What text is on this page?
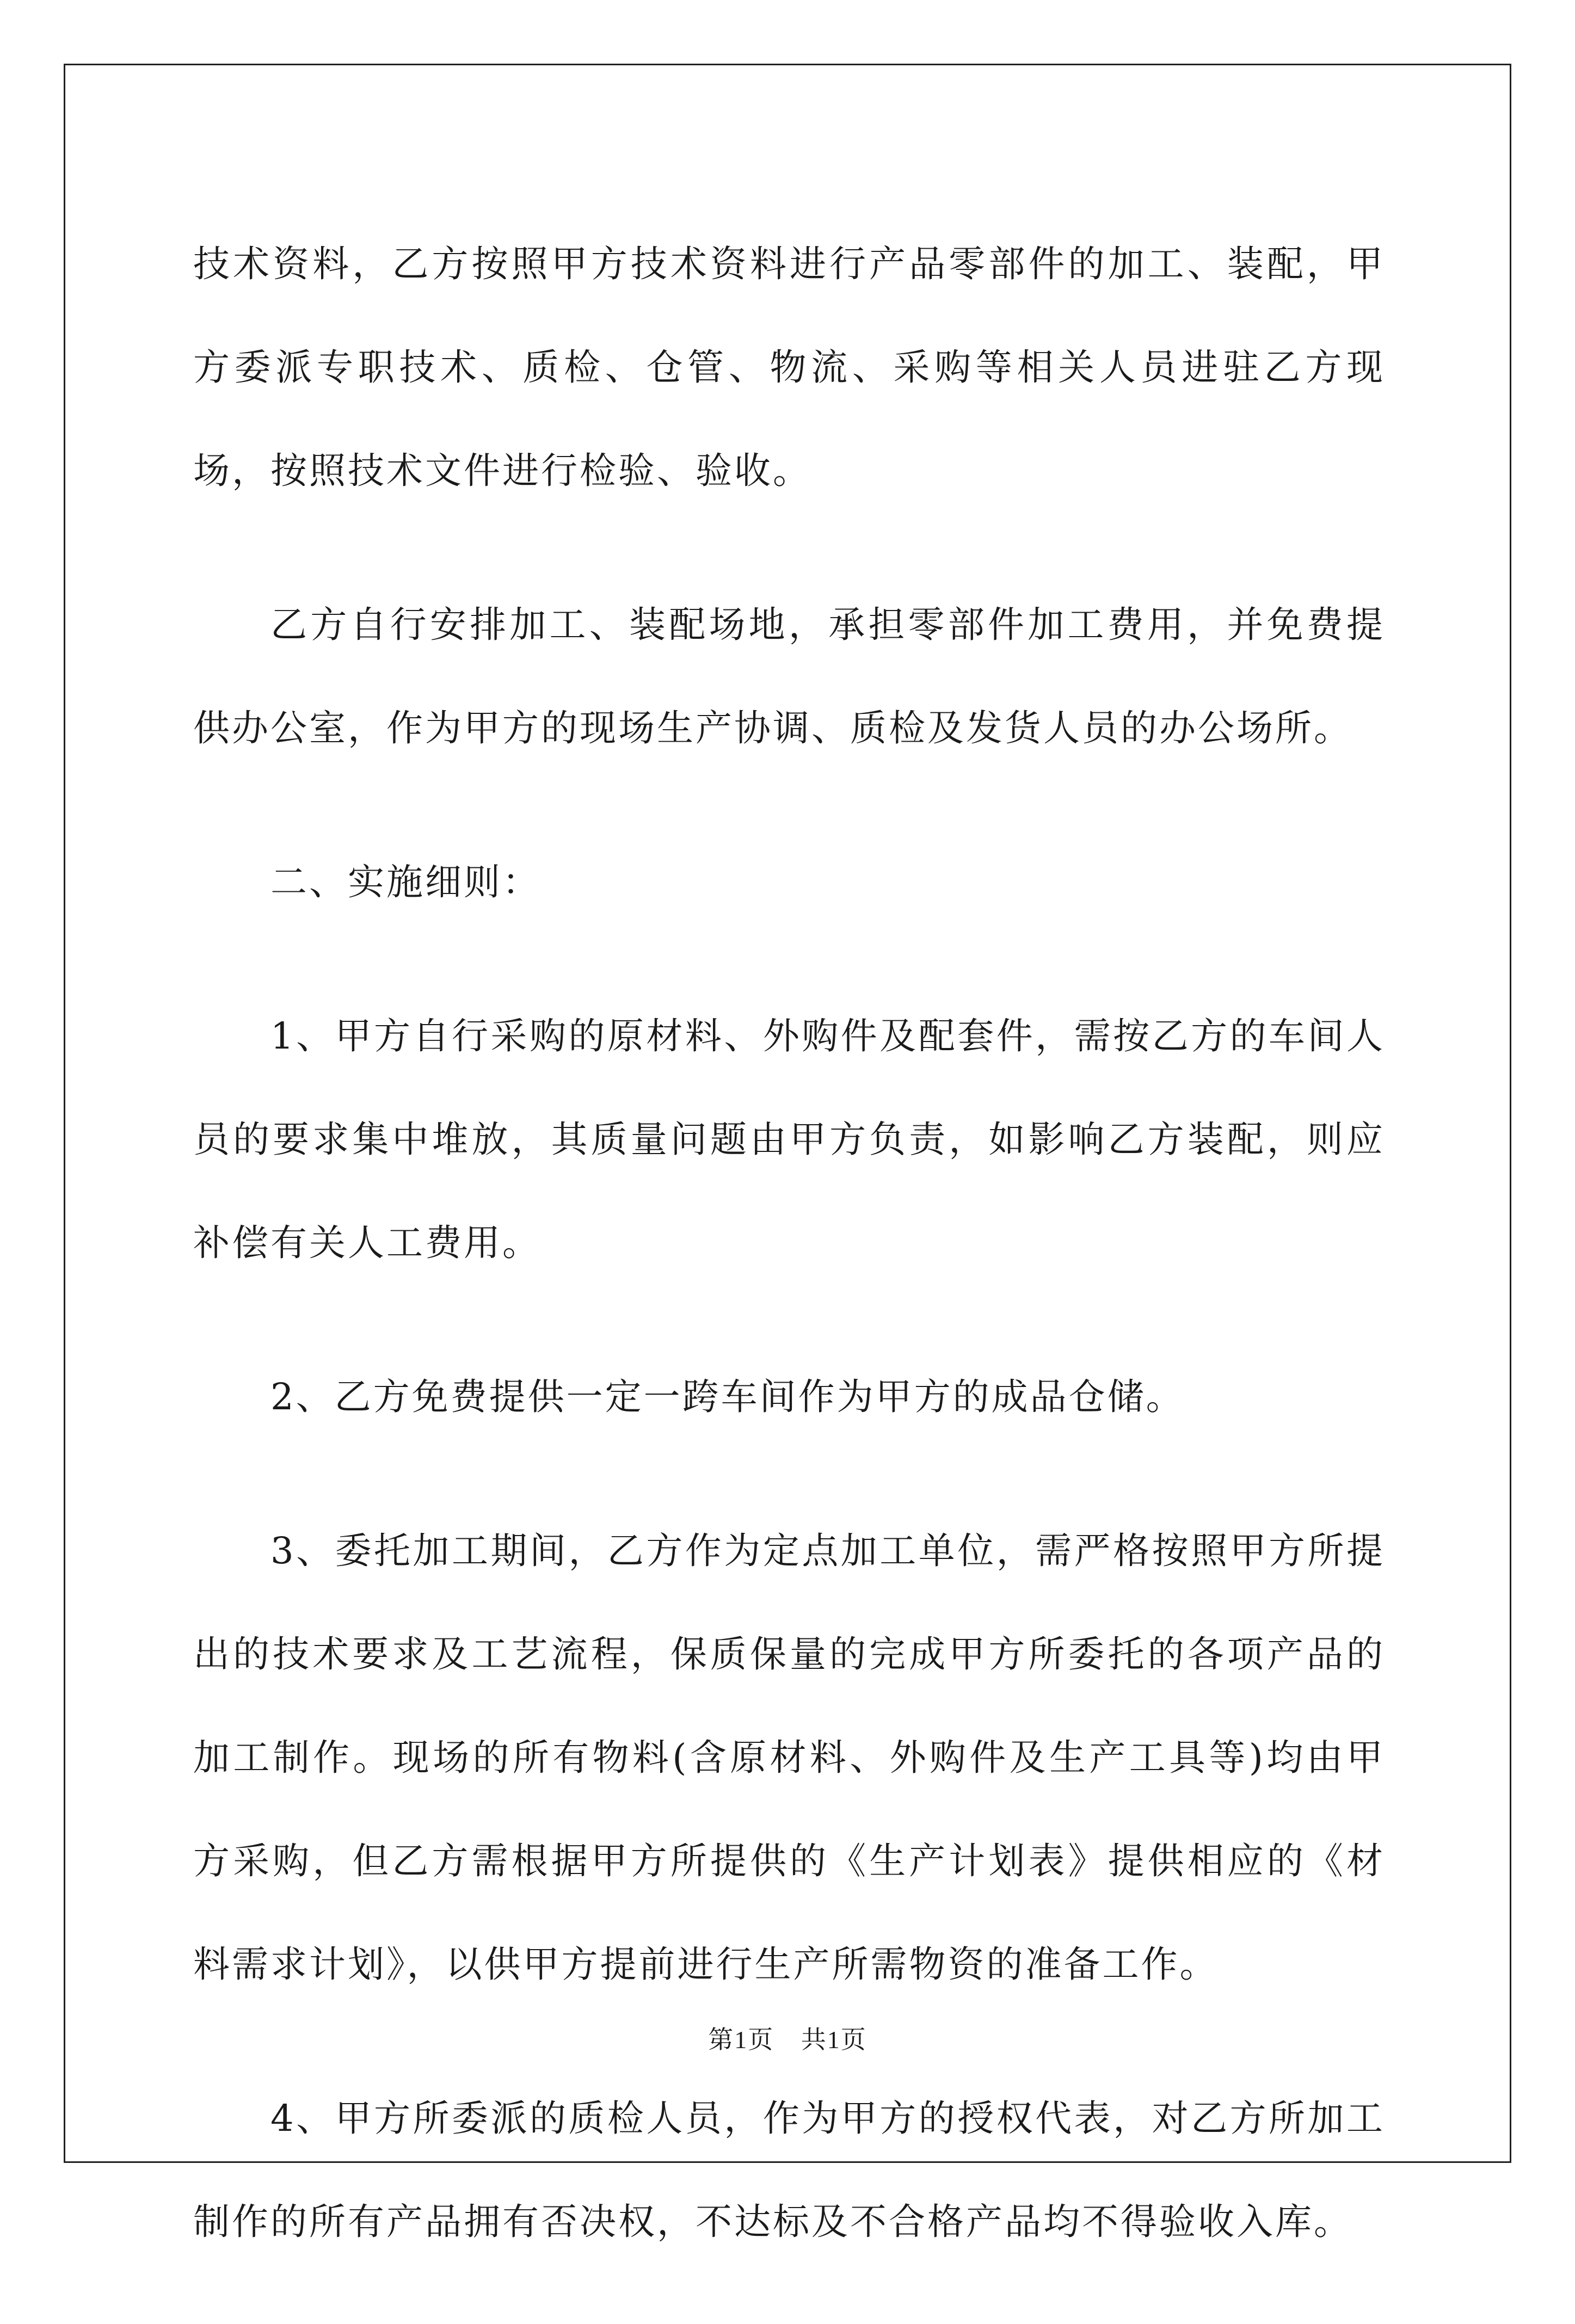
技术资料，乙方按照甲方技术资料进行产品零部件的加工、装配，甲方委派专职技术、质检、仓管、物流、采购等相关人员进驻乙方现场，按照技术文件进行检验、验收。

乙方自行安排加工、装配场地，承担零部件加工费用，并免费提供办公室，作为甲方的现场生产协调、质检及发货人员的办公场所。

二、实施细则：

1、甲方自行采购的原材料、外购件及配套件，需按乙方的车间人员的要求集中堆放，其质量问题由甲方负责，如影响乙方装配，则应补偿有关人工费用。

2、乙方免费提供一定一跨车间作为甲方的成品仓储。

3、委托加工期间，乙方作为定点加工单位，需严格按照甲方所提出的技术要求及工艺流程，保质保量的完成甲方所委托的各项产品的加工制作。现场的所有物料(含原材料、外购件及生产工具等)均由甲方采购，但乙方需根据甲方所提供的《生产计划表》提供相应的《材料需求计划》，以供甲方提前进行生产所需物资的准备工作。

4、甲方所委派的质检人员，作为甲方的授权代表，对乙方所加工制作的所有产品拥有否决权，不达标及不合格产品均不得验收入库。

第1页 共1页
